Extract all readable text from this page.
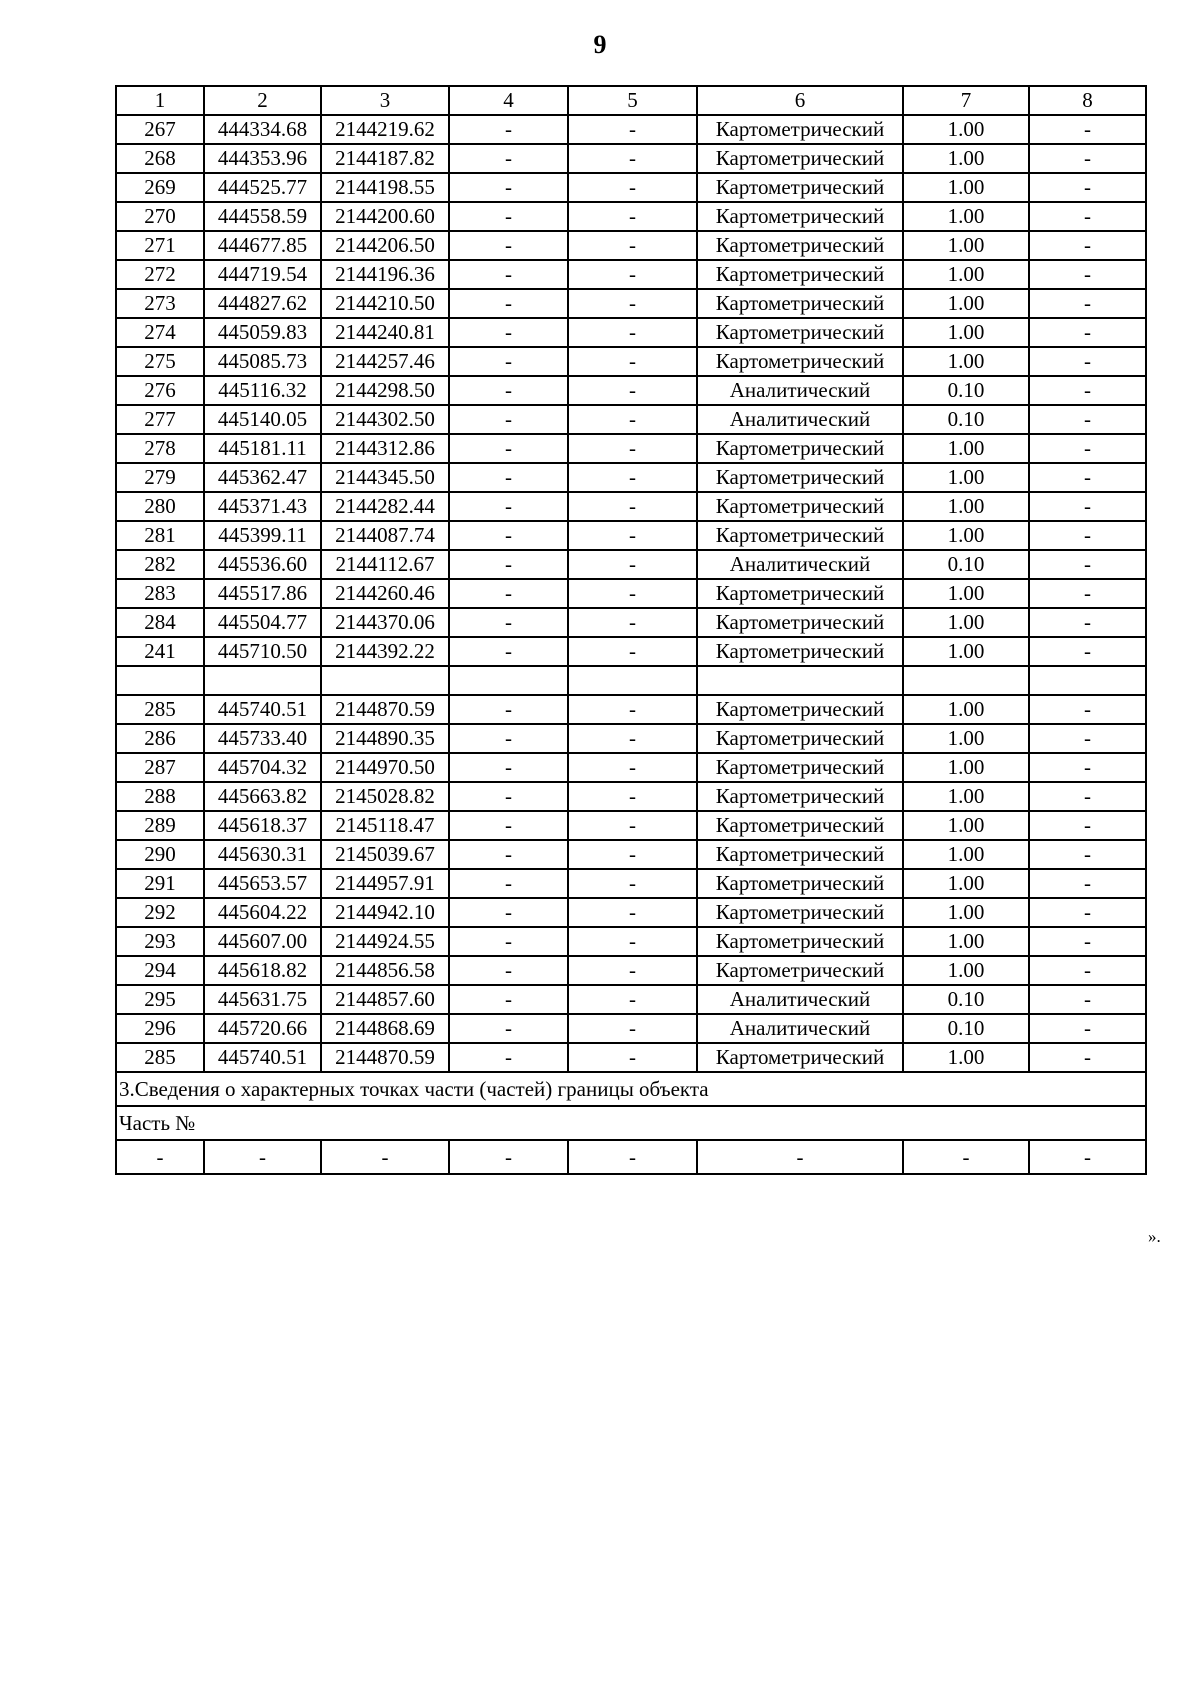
9
1	2	3	4	5	6	7	8
267	444334.68	2144219.62	-	-	Картометрический	1.00	-
268	444353.96	2144187.82	-	-	Картометрический	1.00	-
269	444525.77	2144198.55	-	-	Картометрический	1.00	-
270	444558.59	2144200.60	-	-	Картометрический	1.00	-
271	444677.85	2144206.50	-	-	Картометрический	1.00	-
272	444719.54	2144196.36	-	-	Картометрический	1.00	-
273	444827.62	2144210.50	-	-	Картометрический	1.00	-
274	445059.83	2144240.81	-	-	Картометрический	1.00	-
275	445085.73	2144257.46	-	-	Картометрический	1.00	-
276	445116.32	2144298.50	-	-	Аналитический	0.10	-
277	445140.05	2144302.50	-	-	Аналитический	0.10	-
278	445181.11	2144312.86	-	-	Картометрический	1.00	-
279	445362.47	2144345.50	-	-	Картометрический	1.00	-
280	445371.43	2144282.44	-	-	Картометрический	1.00	-
281	445399.11	2144087.74	-	-	Картометрический	1.00	-
282	445536.60	2144112.67	-	-	Аналитический	0.10	-
283	445517.86	2144260.46	-	-	Картометрический	1.00	-
284	445504.77	2144370.06	-	-	Картометрический	1.00	-
241	445710.50	2144392.22	-	-	Картометрический	1.00	-

285	445740.51	2144870.59	-	-	Картометрический	1.00	-
286	445733.40	2144890.35	-	-	Картометрический	1.00	-
287	445704.32	2144970.50	-	-	Картометрический	1.00	-
288	445663.82	2145028.82	-	-	Картометрический	1.00	-
289	445618.37	2145118.47	-	-	Картометрический	1.00	-
290	445630.31	2145039.67	-	-	Картометрический	1.00	-
291	445653.57	2144957.91	-	-	Картометрический	1.00	-
292	445604.22	2144942.10	-	-	Картометрический	1.00	-
293	445607.00	2144924.55	-	-	Картометрический	1.00	-
294	445618.82	2144856.58	-	-	Картометрический	1.00	-
295	445631.75	2144857.60	-	-	Аналитический	0.10	-
296	445720.66	2144868.69	-	-	Аналитический	0.10	-
285	445740.51	2144870.59	-	-	Картометрический	1.00	-
3.Сведения о характерных точках части (частей) границы объекта							
Часть №							
-	-	-	-	-	-	-	-
».
